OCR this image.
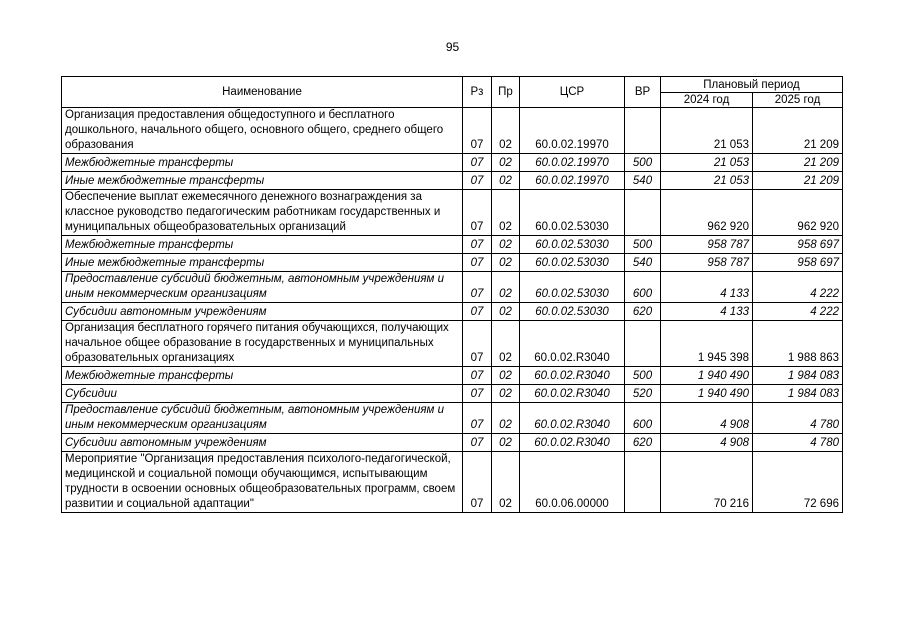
95
Наименование	Рз	Пр	ЦСР	ВР	Плановый период	
					2024 год	2025 год
Организация предоставления общедоступного и бесплатного дошкольного, начального общего, основного общего, среднего общего образования	07	02	60.0.02.19970		21 053	21 209
Межбюджетные трансферты	07	02	60.0.02.19970	500	21 053	21 209
Иные межбюджетные трансферты	07	02	60.0.02.19970	540	21 053	21 209
Обеспечение выплат ежемесячного денежного вознаграждения за классное руководство педагогическим работникам государственных и муниципальных общеобразовательных организаций	07	02	60.0.02.53030		962 920	962 920
Межбюджетные трансферты	07	02	60.0.02.53030	500	958 787	958 697
Иные межбюджетные трансферты	07	02	60.0.02.53030	540	958 787	958 697
Предоставление субсидий бюджетным, автономным учреждениям и иным некоммерческим организациям	07	02	60.0.02.53030	600	4 133	4 222
Субсидии автономным учреждениям	07	02	60.0.02.53030	620	4 133	4 222
Организация бесплатного горячего питания обучающихся, получающих начальное общее образование в государственных и муниципальных образовательных организациях	07	02	60.0.02.R3040		1 945 398	1 988 863
Межбюджетные трансферты	07	02	60.0.02.R3040	500	1 940 490	1 984 083
Субсидии	07	02	60.0.02.R3040	520	1 940 490	1 984 083
Предоставление субсидий бюджетным, автономным учреждениям и иным некоммерческим организациям	07	02	60.0.02.R3040	600	4 908	4 780
Субсидии автономным учреждениям	07	02	60.0.02.R3040	620	4 908	4 780
Мероприятие "Организация предоставления психолого-педагогической, медицинской и социальной помощи обучающимся, испытывающим трудности в освоении основных общеобразовательных программ, своем развитии и социальной адаптации"	07	02	60.0.06.00000		70 216	72 696
